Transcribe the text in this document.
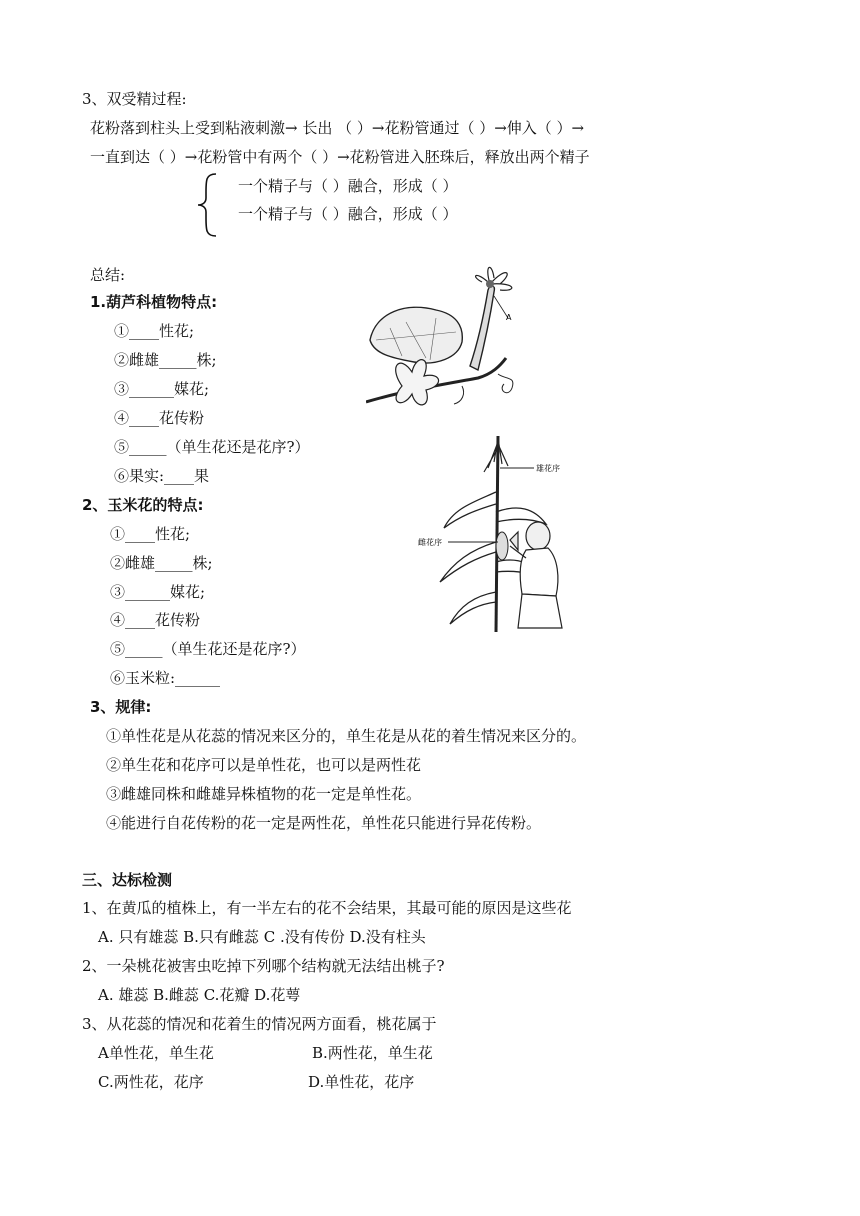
3、双受精过程:
花粉落到柱头上受到粘液刺激→ 长出 （ ）→花粉管通过（ ）→伸入（ ）→
一直到达（ ）→花粉管中有两个（ ）→花粉管进入胚珠后，释放出两个精子
一个精子与（ ）融合，形成（ ）
一个精子与（ ）融合，形成（ ）
总结:
1.葫芦科植物特点:
①____性花;
②雌雄_____株;
③______媒花;
④____花传粉
⑤_____（单生花还是花序?）
⑥果实:____果
2、玉米花的特点:
①____性花;
②雌雄_____株;
③______媒花;
④____花传粉
⑤_____（单生花还是花序?）
⑥玉米粒:______
3、规律:
①单性花是从花蕊的情况来区分的，单生花是从花的着生情况来区分的。
②单生花和花序可以是单性花，也可以是两性花
③雌雄同株和雌雄异株植物的花一定是单性花。
④能进行自花传粉的花一定是两性花，单性花只能进行异花传粉。
A
雄花序
雌花序
三、达标检测
1、在黄瓜的植株上，有一半左右的花不会结果，其最可能的原因是这些花
A. 只有雄蕊 B.只有雌蕊 C .没有传份 D.没有柱头
2、一朵桃花被害虫吃掉下列哪个结构就无法结出桃子?
A. 雄蕊 B.雌蕊 C.花瓣 D.花萼
3、从花蕊的情况和花着生的情况两方面看，桃花属于
A单性花，单生花	B.两性花，单生花
C.两性花，花序	D.单性花，花序
